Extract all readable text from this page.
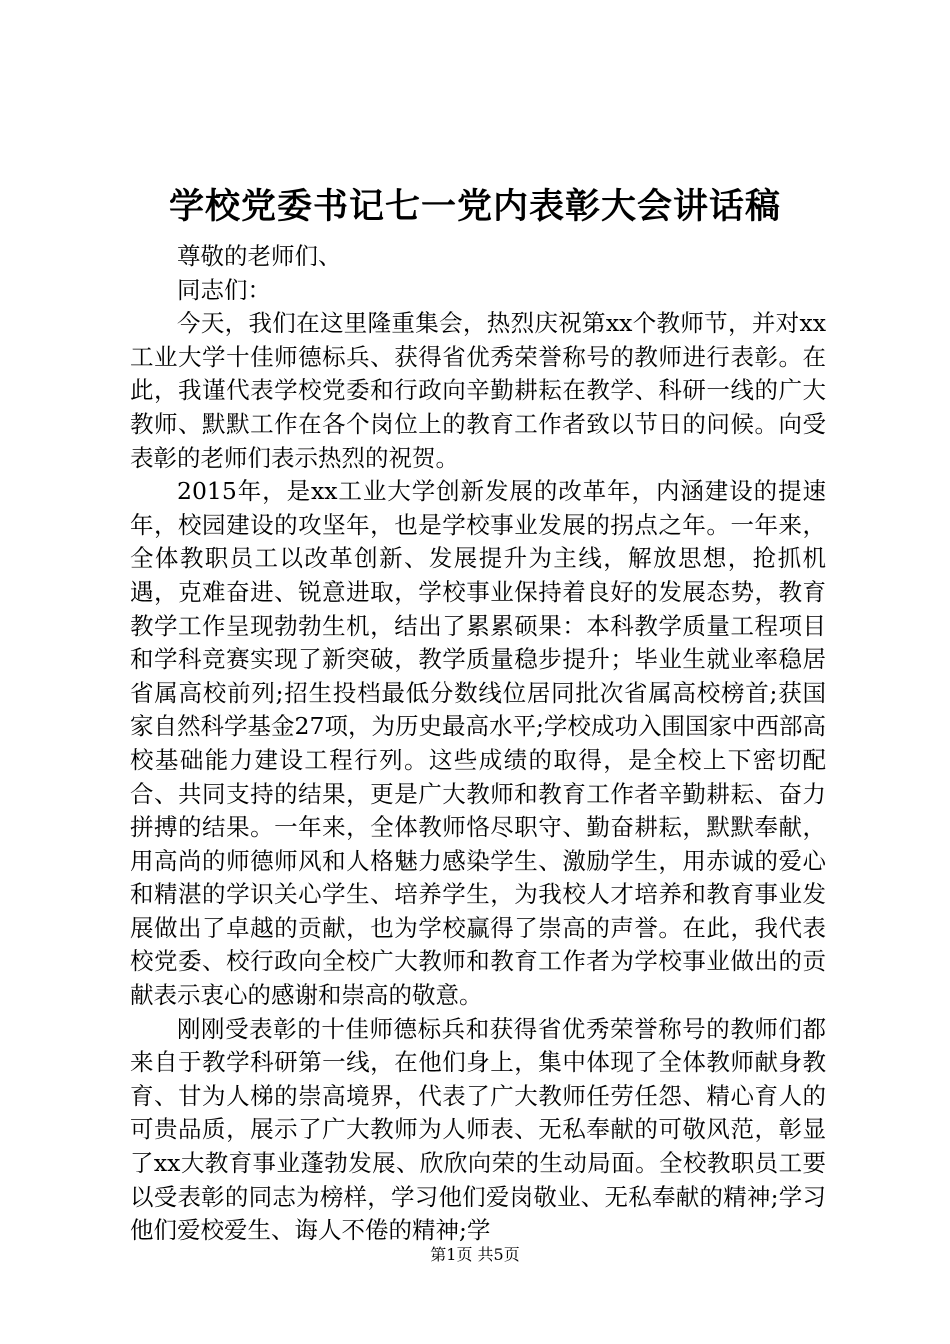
学校党委书记七一党内表彰大会讲话稿

尊敬的老师们、

同志们：

今天，我们在这里隆重集会，热烈庆祝第xx个教师节，并对xx工业大学十佳师德标兵、获得省优秀荣誉称号的教师进行表彰。在此，我谨代表学校党委和行政向辛勤耕耘在教学、科研一线的广大教师、默默工作在各个岗位上的教育工作者致以节日的问候。向受表彰的老师们表示热烈的祝贺。

2015年，是xx工业大学创新发展的改革年，内涵建设的提速年，校园建设的攻坚年，也是学校事业发展的拐点之年。一年来，全体教职员工以改革创新、发展提升为主线，解放思想，抢抓机遇，克难奋进、锐意进取，学校事业保持着良好的发展态势，教育教学工作呈现勃勃生机，结出了累累硕果：本科教学质量工程项目和学科竞赛实现了新突破，教学质量稳步提升；毕业生就业率稳居省属高校前列;招生投档最低分数线位居同批次省属高校榜首;获国家自然科学基金27项，为历史最高水平;学校成功入围国家中西部高校基础能力建设工程行列。这些成绩的取得，是全校上下密切配合、共同支持的结果，更是广大教师和教育工作者辛勤耕耘、奋力拼搏的结果。一年来，全体教师恪尽职守、勤奋耕耘，默默奉献，用高尚的师德师风和人格魅力感染学生、激励学生，用赤诚的爱心和精湛的学识关心学生、培养学生，为我校人才培养和教育事业发展做出了卓越的贡献，也为学校赢得了崇高的声誉。在此，我代表校党委、校行政向全校广大教师和教育工作者为学校事业做出的贡献表示衷心的感谢和崇高的敬意。

刚刚受表彰的十佳师德标兵和获得省优秀荣誉称号的教师们都来自于教学科研第一线，在他们身上，集中体现了全体教师献身教育、甘为人梯的崇高境界，代表了广大教师任劳任怨、精心育人的可贵品质，展示了广大教师为人师表、无私奉献的可敬风范，彰显了xx大教育事业蓬勃发展、欣欣向荣的生动局面。全校教职员工要以受表彰的同志为榜样，学习他们爱岗敬业、无私奉献的精神;学习他们爱校爱生、诲人不倦的精神;学

第1页 共5页
